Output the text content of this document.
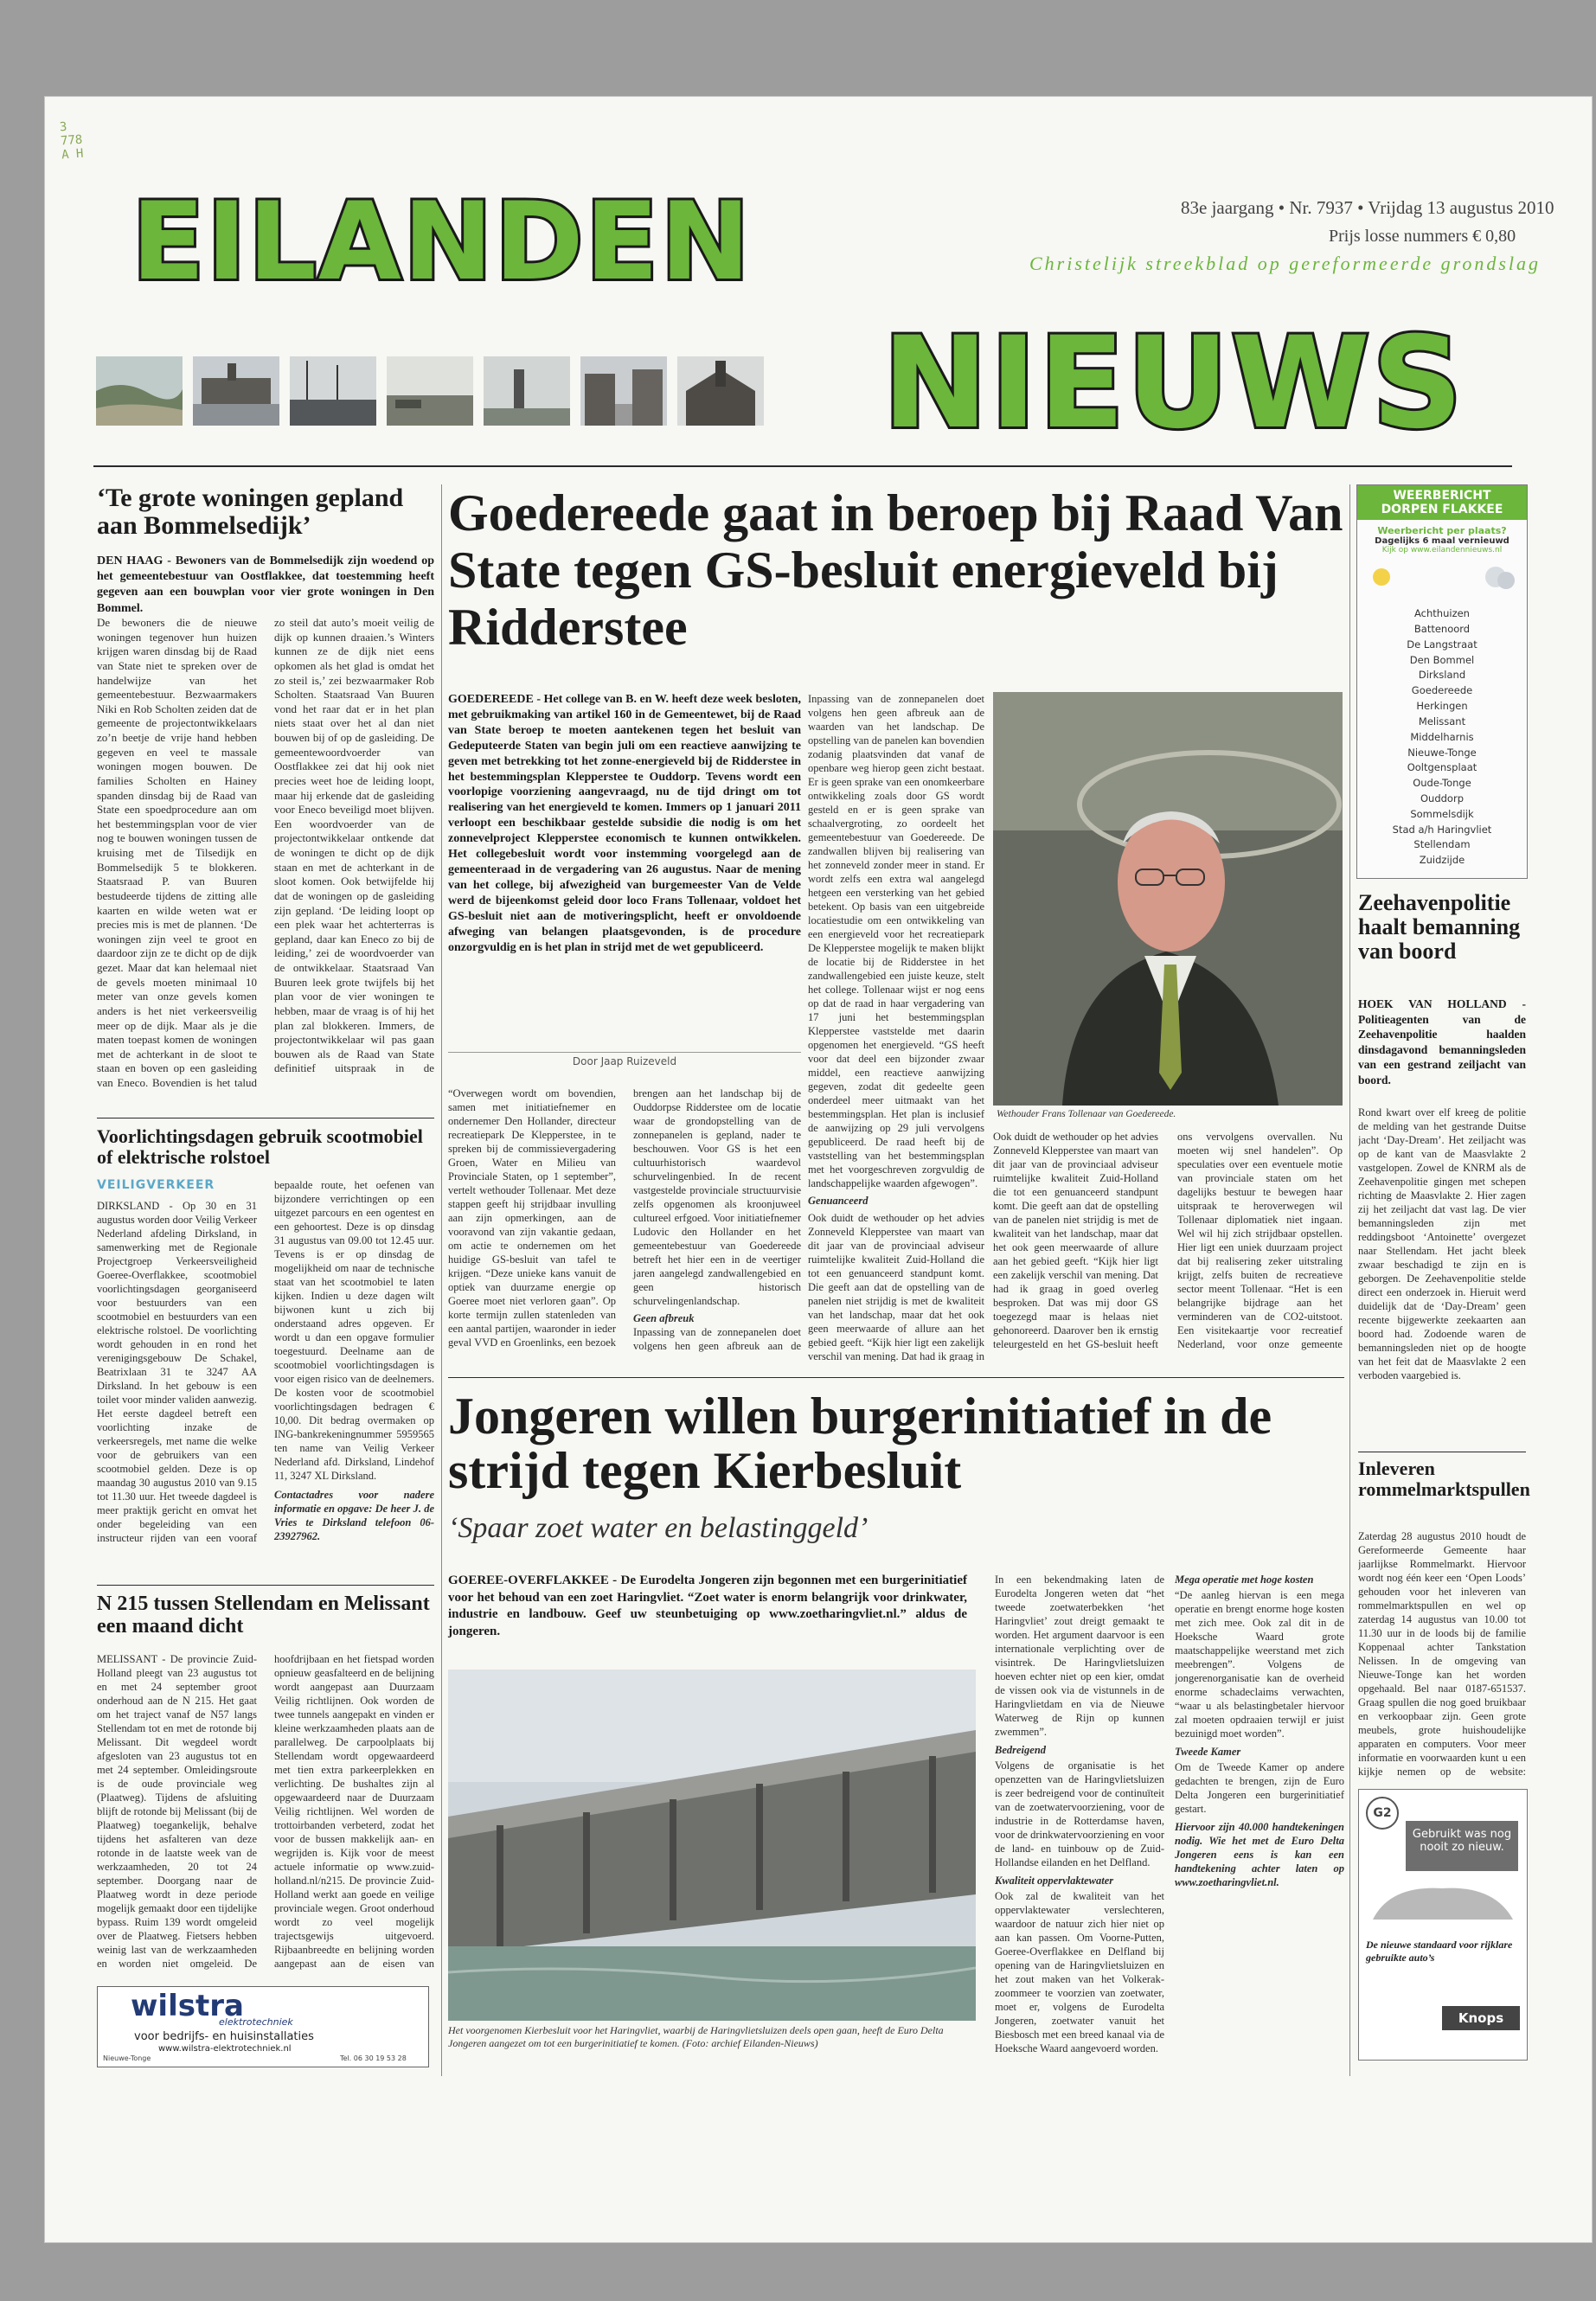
3 778 A H
EILANDEN
NIEUWS
83e jaargang • Nr. 7937 • Vrijdag 13 augustus 2010
Prijs losse nummers € 0,80
Christelijk streekblad op gereformeerde grondslag
WEERBERICHT
DORPEN FLAKKEE
Weerbericht per plaats?
Dagelijks 6 maal vernieuwd
Kijk op www.eilandennieuws.nl
Achthuizen
Battenoord
De Langstraat
Den Bommel
Dirksland
Goedereede
Herkingen
Melissant
Middelharnis
Nieuwe-Tonge
Ooltgensplaat
Oude-Tonge
Ouddorp
Sommelsdijk
Stad a/h Haringvliet
Stellendam
Zuidzijde
‘Te grote woningen gepland aan Bommelsedijk’
DEN HAAG - Bewoners van de Bommelsedijk zijn woedend op het gemeentebestuur van Oostflakkee, dat toestemming heeft gegeven aan een bouwplan voor vier grote woningen in Den Bommel.
De bewoners die de nieuwe woningen tegenover hun huizen krijgen waren dinsdag bij de Raad van State niet te spreken over de handelwijze van het gemeentebestuur. Bezwaarmakers Niki en Rob Scholten zeiden dat de gemeente de projectontwikkelaars zo’n beetje de vrije hand hebben gegeven en veel te massale woningen mogen bouwen. De families Scholten en Hainey spanden dinsdag bij de Raad van State een spoedprocedure aan om het bestemmingsplan voor de vier nog te bouwen woningen tussen de kruising met de Tilsedijk en Bommelsedijk 5 te blokkeren. Staatsraad P. van Buuren bestudeerde tijdens de zitting alle kaarten en wilde weten wat er precies mis is met de plannen. ‘De woningen zijn veel te groot en daardoor zijn ze te dicht op de dijk gezet. Maar dat kan helemaal niet de gevels moeten minimaal 10 meter van onze gevels komen anders is het niet verkeersveilig meer op de dijk. Maar als je die maten toepast komen de woningen met de achterkant in de sloot te staan en boven op een gasleiding van Eneco. Bovendien is het talud zo steil dat auto’s moeit veilig de dijk op kunnen draaien.’s Winters kunnen ze de dijk niet eens opkomen als het glad is omdat het zo steil is,’ zei bezwaarmaker Rob Scholten. Staatsraad Van Buuren vond het raar dat er in het plan niets staat over het al dan niet bouwen bij of op de gasleiding. De gemeentewoordvoerder van Oostflakkee zei dat hij ook niet precies weet hoe de leiding loopt, maar hij erkende dat de gasleiding voor Eneco beveiligd moet blijven. Een woordvoerder van de projectontwikkelaar ontkende dat de woningen te dicht op de dijk staan en met de achterkant in de sloot komen. Ook betwijfelde hij dat de woningen op de gasleiding zijn gepland. ‘De leiding loopt op een plek waar het achterterras is gepland, daar kan Eneco zo bij de leiding,’ zei de woordvoerder van de ontwikkelaar. Staatsraad Van Buuren leek grote twijfels bij het plan voor de vier woningen te hebben, maar de vraag is of hij het plan zal blokkeren. Immers, de projectontwikkelaar wil pas gaan bouwen als de Raad van State definitief uitspraak in de
Voorlichtingsdagen gebruik scootmobiel of elektrische rolstoel
VEILIGVERKEER
DIRKSLAND - Op 30 en 31 augustus worden door Veilig Verkeer Nederland afdeling Dirksland, in samenwerking met de Regionale Projectgroep Verkeersveiligheid Goeree-Overflakkee, scootmobiel voorlichtingsdagen georganiseerd voor bestuurders van een scootmobiel en bestuurders van een elektrische rolstoel. De voorlichting wordt gehouden in en rond het verenigingsgebouw De Schakel, Beatrixlaan 31 te 3247 AA Dirksland. In het gebouw is een toilet voor minder validen aanwezig. Het eerste dagdeel betreft een voorlichting inzake de verkeersregels, met name die welke voor de gebruikers van een scootmobiel gelden. Deze is op maandag 30 augustus 2010 van 9.15 tot 11.30 uur. Het tweede dagdeel is meer praktijk gericht en omvat het onder begeleiding van een instructeur rijden van een vooraf bepaalde route, het oefenen van bijzondere verrichtingen op een uitgezet parcours en een ogentest en een gehoortest. Deze is op dinsdag 31 augustus van 09.00 tot 12.45 uur. Tevens is er op dinsdag de mogelijkheid om naar de technische staat van het scootmobiel te laten kijken. Indien u deze dagen wilt bijwonen kunt u zich bij onderstaand adres opgeven. Er wordt u dan een opgave formulier toegestuurd. Deelname aan de scootmobiel voorlichtingsdagen is voor eigen risico van de deelnemers. De kosten voor de scootmobiel voorlichtingsdagen bedragen € 10,00. Dit bedrag overmaken op ING-bankrekeningnummer 5959565 ten name van Veilig Verkeer Nederland afd. Dirksland, Lindehof 11, 3247 XL Dirksland.
Contactadres voor nadere informatie en opgave: De heer J. de Vries te Dirksland telefoon 06-23927962.
N 215 tussen Stellendam en Melissant een maand dicht
MELISSANT - De provincie Zuid-Holland pleegt van 23 augustus tot en met 24 september groot onderhoud aan de N 215. Het gaat om het traject vanaf de N57 langs Stellendam tot en met de rotonde bij Melissant. Dit wegdeel wordt afgesloten van 23 augustus tot en met 24 september. Omleidingsroute is de oude provinciale weg (Plaatweg). Tijdens de afsluiting blijft de rotonde bij Melissant (bij de Plaatweg) toegankelijk, behalve tijdens het asfalteren van deze rotonde in de laatste week van de werkzaamheden, 20 tot 24 september. Doorgang naar de Plaatweg wordt in deze periode mogelijk gemaakt door een tijdelijke bypass. Ruim 139 wordt omgeleid over de Plaatweg. Fietsers hebben weinig last van de werkzaamheden en worden niet omgeleid. De hoofdrijbaan en het fietspad worden opnieuw geasfalteerd en de belijning wordt aangepast aan Duurzaam Veilig richtlijnen. Ook worden de twee tunnels aangepakt en vinden er kleine werkzaamheden plaats aan de parallelweg. De carpoolplaats bij Stellendam wordt opgewaardeerd met tien extra parkeerplekken en verlichting. De bushaltes zijn al opgewaardeerd naar de Duurzaam Veilig richtlijnen. Wel worden de trottoirbanden verbeterd, zodat het voor de bussen makkelijk aan- en wegrijden is. Kijk voor de meest actuele informatie op www.zuid-holland.nl/n215. De provincie Zuid-Holland werkt aan goede en veilige provinciale wegen. Groot onderhoud wordt zo veel mogelijk trajectsgewijs uitgevoerd. Rijbaanbreedte en belijning worden aangepast aan de eisen van
wilstra
elektrotechniek
voor bedrijfs- en huisinstallaties
www.wilstra-elektrotechniek.nl
Nieuwe-Tonge	Tel. 06 30 19 53 28
Goedereede gaat in beroep bij Raad Van State tegen GS-besluit energieveld bij Ridderstee
GOEDEREEDE - Het college van B. en W. heeft deze week besloten, met gebruikmaking van artikel 160 in de Gemeentewet, bij de Raad van State beroep te moeten aantekenen tegen het besluit van Gedeputeerde Staten van begin juli om een reactieve aanwijzing te geven met betrekking tot het zonne-energieveld bij de Ridderstee in het bestemmingsplan Klepperstee te Ouddorp. Tevens wordt een voorlopige voorziening aangevraagd, nu de tijd dringt om tot realisering van het energieveld te komen. Immers op 1 januari 2011 verloopt een beschikbaar gestelde subsidie die nodig is om het zonnevelproject Klepperstee economisch te kunnen ontwikkelen. Het collegebesluit wordt voor instemming voorgelegd aan de gemeenteraad in de vergadering van 26 augustus. Naar de mening van het college, bij afwezigheid van burgemeester Van de Velde werd de bijeenkomst geleid door loco Frans Tollenaar, voldoet het GS-besluit niet aan de motiveringsplicht, heeft er onvoldoende afweging van belangen plaatsgevonden, is de procedure onzorgvuldig en is het plan in strijd met de wet gepubliceerd.
Door Jaap Ruizeveld
“Overwegen wordt om bovendien, samen met initiatiefnemer en ondernemer Den Hollander, directeur recreatiepark De Klepperstee, in te spreken bij de commissievergadering Groen, Water en Milieu van Provinciale Staten, op 1 september”, vertelt wethouder Tollenaar. Met deze stappen geeft hij strijdbaar invulling aan zijn opmerkingen, aan de vooravond van zijn vakantie gedaan, om actie te ondernemen om het huidige GS-besluit van tafel te krijgen. “Deze unieke kans vanuit de optiek van duurzame energie op Goeree moet niet verloren gaan”. Op korte termijn zullen statenleden van een aantal partijen, waaronder in ieder geval VVD en Groenlinks, een bezoek brengen aan het landschap bij de Ouddorpse Ridderstee om de locatie waar de grondopstelling van de zonnepanelen is gepland, nader te beschouwen. Voor GS is het een cultuurhistorisch waardevol schurvelingenbied. In de recent vastgestelde provinciale structuurvisie zelfs opgenomen als kroonjuweel cultureel erfgoed. Voor initiatiefnemer Ludovic den Hollander en het gemeentebestuur van Goedereede betreft het hier een in de veertiger jaren aangelegd zandwallengebied en geen historisch schurvelingenlandschap.
Geen afbreuk
Inpassing van de zonnepanelen doet volgens hen geen afbreuk aan de
Inpassing van de zonnepanelen doet volgens hen geen afbreuk aan de waarden van het landschap. De opstelling van de panelen kan bovendien zodanig plaatsvinden dat vanaf de openbare weg hierop geen zicht bestaat. Er is geen sprake van een onomkeerbare ontwikkeling zoals door GS wordt gesteld en er is geen sprake van schaalvergroting, zo oordeelt het gemeentebestuur van Goedereede. De zandwallen blijven bij realisering van het zonneveld zonder meer in stand. Er wordt zelfs een extra wal aangelegd hetgeen een versterking van het gebied betekent. Op basis van een uitgebreide locatiestudie om een ontwikkeling van een energieveld voor het recreatiepark De Klepperstee mogelijk te maken blijkt de locatie bij de Ridderstee in het zandwallengebied een juiste keuze, stelt het college. Tollenaar wijst er nog eens op dat de raad in haar vergadering van 17 juni het bestemmingsplan Klepperstee vaststelde met daarin opgenomen het energieveld. “GS heeft voor dat deel een bijzonder zwaar middel, een reactieve aanwijzing gegeven, zodat dit gedeelte geen onderdeel meer uitmaakt van het bestemmingsplan. Het plan is inclusief de aanwijzing op 29 juli vervolgens gepubliceerd. De raad heeft bij de vaststelling van het bestemmingsplan met het voorgeschreven zorgvuldig de landschappelijke waarden afgewogen”.
Genuanceerd
Ook duidt de wethouder op het advies Zonneveld Klepperstee van maart van dit jaar van de provinciaal adviseur ruimtelijke kwaliteit Zuid-Holland die tot een genuanceerd standpunt komt. Die geeft aan dat de opstelling van de panelen niet strijdig is met de kwaliteit van het landschap, maar dat het ook geen meerwaarde of allure aan het gebied geeft. “Kijk hier ligt een zakelijk verschil van mening. Dat had ik graag in
Wethouder Frans Tollenaar van Goedereede.
Ook duidt de wethouder op het advies Zonneveld Klepperstee van maart van dit jaar van de provinciaal adviseur ruimtelijke kwaliteit Zuid-Holland die tot een genuanceerd standpunt komt. Die geeft aan dat de opstelling van de panelen niet strijdig is met de kwaliteit van het landschap, maar dat het ook geen meerwaarde of allure aan het gebied geeft. “Kijk hier ligt een zakelijk verschil van mening. Dat had ik graag in goed overleg besproken. Dat was mij door GS toegezegd maar is helaas niet gehonoreerd. Daarover ben ik ernstig teleurgesteld en het GS-besluit heeft ons vervolgens overvallen. Nu moeten wij snel handelen”. Op speculaties over een eventuele motie van provinciale staten om het dagelijks bestuur te bewegen haar uitspraak te heroverwegen wil Tollenaar diplomatiek niet ingaan. Wel wil hij zich strijdbaar opstellen. Hier ligt een uniek duurzaam project dat bij realisering zeker uitstraling krijgt, zelfs buiten de recreatieve sector meent Tollenaar. “Het is een belangrijke bijdrage aan het verminderen van de CO2-uitstoot. Een visitekaartje voor recreatief Nederland, voor onze gemeente
Jongeren willen burgerinitiatief in de strijd tegen Kierbesluit
‘Spaar zoet water en belastinggeld’
GOEREE-OVERFLAKKEE - De Eurodelta Jongeren zijn begonnen met een burgerinitiatief voor het behoud van een zoet Haringvliet. “Zoet water is enorm belangrijk voor drinkwater, industrie en landbouw. Geef uw steunbetuiging op www.zoetharingvliet.nl.” aldus de jongeren.
Het voorgenomen Kierbesluit voor het Haringvliet, waarbij de Haringvlietsluizen deels open gaan, heeft de Euro Delta Jongeren aangezet om tot een burgerinitiatief te komen. (Foto: archief Eilanden-Nieuws)
In een bekendmaking laten de Eurodelta Jongeren weten dat “het tweede zoetwaterbekken ‘het Haringvliet’ zout dreigt gemaakt te worden. Het argument daarvoor is een internationale verplichting over de visintrek. De Haringvlietsluizen hoeven echter niet op een kier, omdat de vissen ook via de vistunnels in de Haringvlietdam en via de Nieuwe Waterweg de Rijn op kunnen zwemmen”.
Bedreigend
Volgens de organisatie is het openzetten van de Haringvlietsluizen is zeer bedreigend voor de continuïteit van de zoetwatervoorziening, voor de industrie in de Rotterdamse haven, voor de drinkwatervoorziening en voor de land- en tuinbouw op de Zuid-Hollandse eilanden en het Delfland.
Kwaliteit oppervlaktewater
Ook zal de kwaliteit van het oppervlaktewater verslechteren, waardoor de natuur zich hier niet op aan kan passen. Om Voorne-Putten, Goeree-Overflakkee en Delfland bij opening van de Haringvlietsluizen en het zout maken van het Volkerak-zoommeer te voorzien van zoetwater, moet er, volgens de Eurodelta Jongeren, zoetwater vanuit het Biesbosch met een breed kanaal via de Hoeksche Waard aangevoerd worden.
Mega operatie met hoge kosten
“De aanleg hiervan is een mega operatie en brengt enorme hoge kosten met zich mee. Ook zal dit in de Hoeksche Waard grote maatschappelijke weerstand met zich meebrengen”. Volgens de jongerenorganisatie kan de overheid enorme schadeclaims verwachten, “waar u als belastingbetaler hiervoor zal moeten opdraaien terwijl er juist bezuinigd moet worden”.
Tweede Kamer
Om de Tweede Kamer op andere gedachten te brengen, zijn de Euro Delta Jongeren een burgerinitiatief gestart.
Hiervoor zijn 40.000 handtekeningen nodig. Wie het met de Euro Delta Jongeren eens is kan een handtekening achter laten op www.zoetharingvliet.nl.
Zeehavenpolitie haalt bemanning van boord
HOEK VAN HOLLAND - Politieagenten van de Zeehavenpolitie haalden dinsdagavond bemanningsleden van een gestrand zeiljacht van boord.
Rond kwart over elf kreeg de politie de melding van het gestrande Duitse jacht ‘Day-Dream’. Het zeiljacht was op de kant van de Maasvlakte 2 vastgelopen. Zowel de KNRM als de Zeehavenpolitie gingen met schepen richting de Maasvlakte 2. Hier zagen zij het zeiljacht dat vast lag. De vier bemanningsleden zijn met reddingsboot ‘Antoinette’ overgezet naar Stellendam. Het jacht bleek zwaar beschadigd te zijn en is geborgen. De Zeehavenpolitie stelde direct een onderzoek in. Hieruit werd duidelijk dat de ‘Day-Dream’ geen recente bijgewerkte zeekaarten aan boord had. Zodoende waren de bemanningsleden niet op de hoogte van het feit dat de Maasvlakte 2 een verboden vaargebied is.
Inleveren rommelmarktspullen
Zaterdag 28 augustus 2010 houdt de Gereformeerde Gemeente haar jaarlijkse Rommelmarkt. Hiervoor wordt nog één keer een ‘Open Loods’ gehouden voor het inleveren van rommelmarktspullen en wel op zaterdag 14 augustus van 10.00 tot 11.30 uur in de loods bij de familie Koppenaal achter Tankstation Nelissen. In de omgeving van Nieuwe-Tonge kan het worden opgehaald. Bel naar 0187-651537. Graag spullen die nog goed bruikbaar en verkoopbaar zijn. Geen grote meubels, grote huishoudelijke apparaten en computers. Voor meer informatie en voorwaarden kunt u een kijkje nemen op de website:
G2
Gebruikt was nog nooit zo nieuw.
De nieuwe standaard voor rijklare gebruikte auto’s
Knops groep
